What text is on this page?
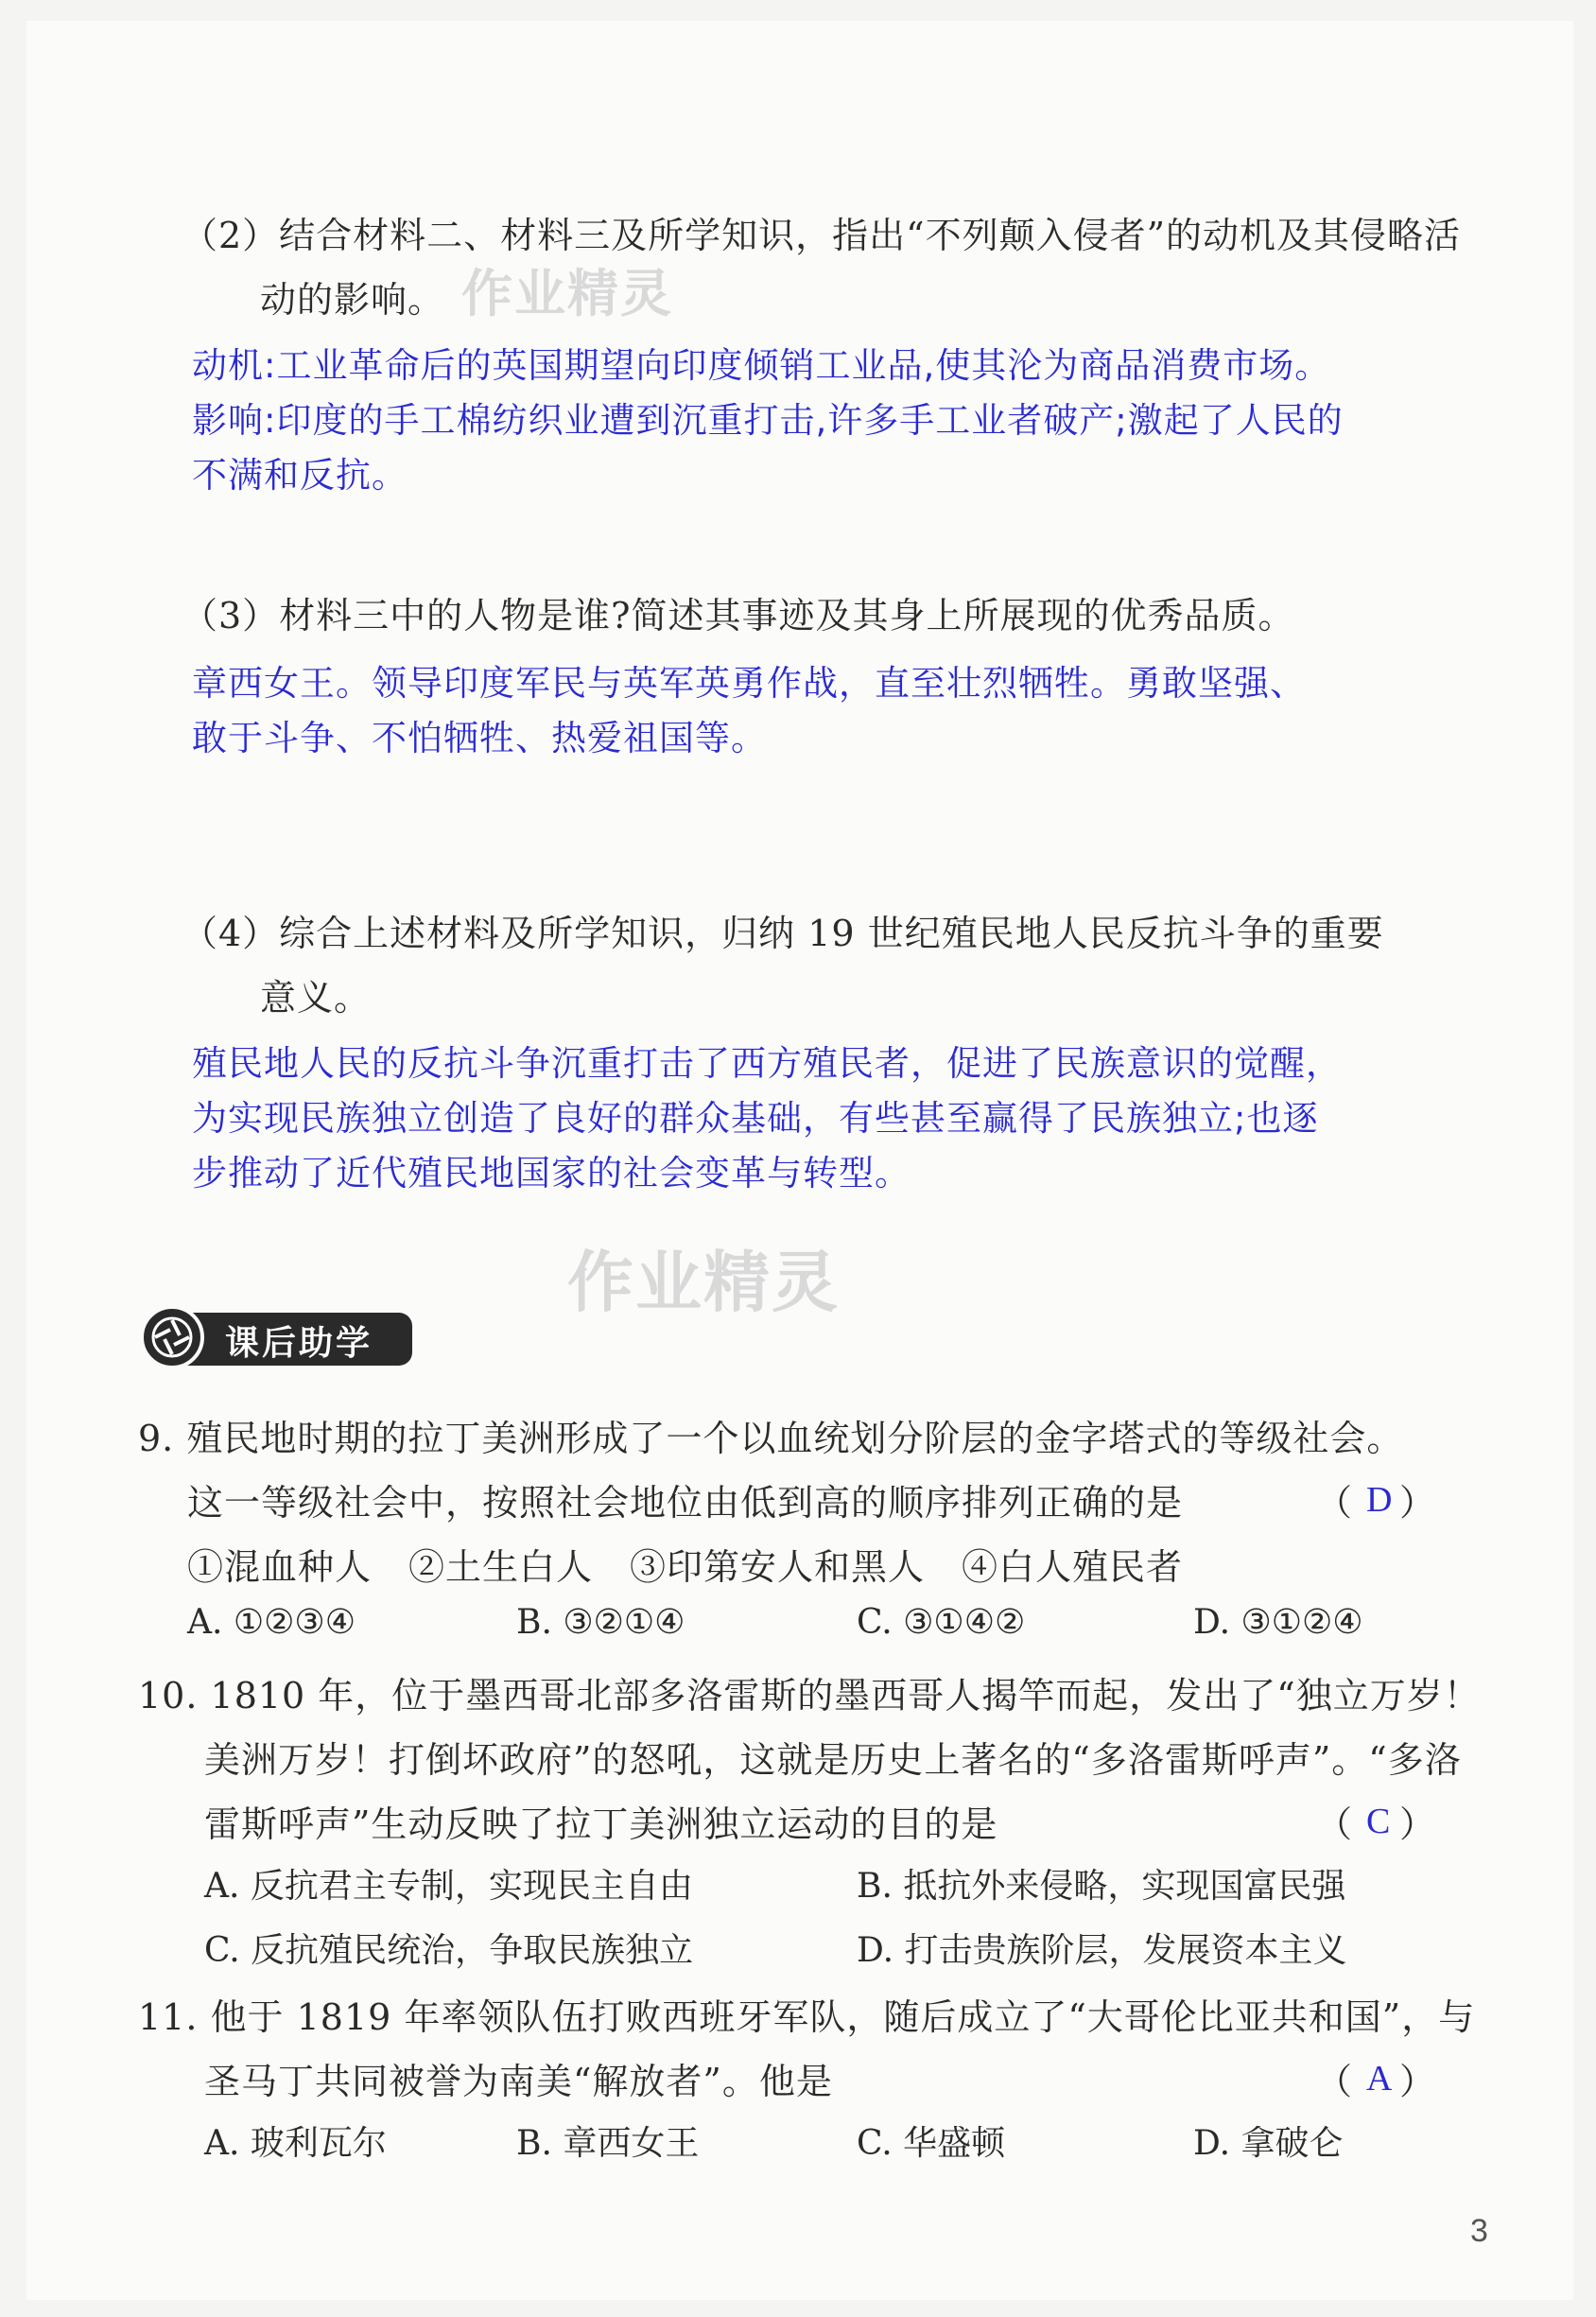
（2）结合材料二、材料三及所学知识，指出“不列颠入侵者”的动机及其侵略活
动的影响。 作业精灵
动机:工业革命后的英国期望向印度倾销工业品,使其沦为商品消费市场。
影响:印度的手工棉纺织业遭到沉重打击,许多手工业者破产;激起了人民的
不满和反抗。
（3）材料三中的人物是谁?简述其事迹及其身上所展现的优秀品质。
章西女王。领导印度军民与英军英勇作战，直至壮烈牺牲。勇敢坚强、
敢于斗争、不怕牺牲、热爱祖国等。
（4）综合上述材料及所学知识，归纳 19 世纪殖民地人民反抗斗争的重要
意义。
殖民地人民的反抗斗争沉重打击了西方殖民者，促进了民族意识的觉醒，
为实现民族独立创造了良好的群众基础，有些甚至赢得了民族独立;也逐
步推动了近代殖民地国家的社会变革与转型。
作业精灵
课后助学
9. 殖民地时期的拉丁美洲形成了一个以血统划分阶层的金字塔式的等级社会。
这一等级社会中，按照社会地位由低到高的顺序排列正确的是	（ D ）
①混血种人　②土生白人　③印第安人和黑人　④白人殖民者
A. ①②③④	B. ③②①④	C. ③①④②	D. ③①②④
10. 1810 年，位于墨西哥北部多洛雷斯的墨西哥人揭竿而起，发出了“独立万岁！
美洲万岁！打倒坏政府”的怒吼，这就是历史上著名的“多洛雷斯呼声”。“多洛
雷斯呼声”生动反映了拉丁美洲独立运动的目的是	（ C ）
A. 反抗君主专制，实现民主自由	B. 抵抗外来侵略，实现国富民强
C. 反抗殖民统治，争取民族独立	D. 打击贵族阶层，发展资本主义
11. 他于 1819 年率领队伍打败西班牙军队，随后成立了“大哥伦比亚共和国”，与
圣马丁共同被誉为南美“解放者”。他是	（ A ）
A. 玻利瓦尔	B. 章西女王	C. 华盛顿	D. 拿破仑
3
